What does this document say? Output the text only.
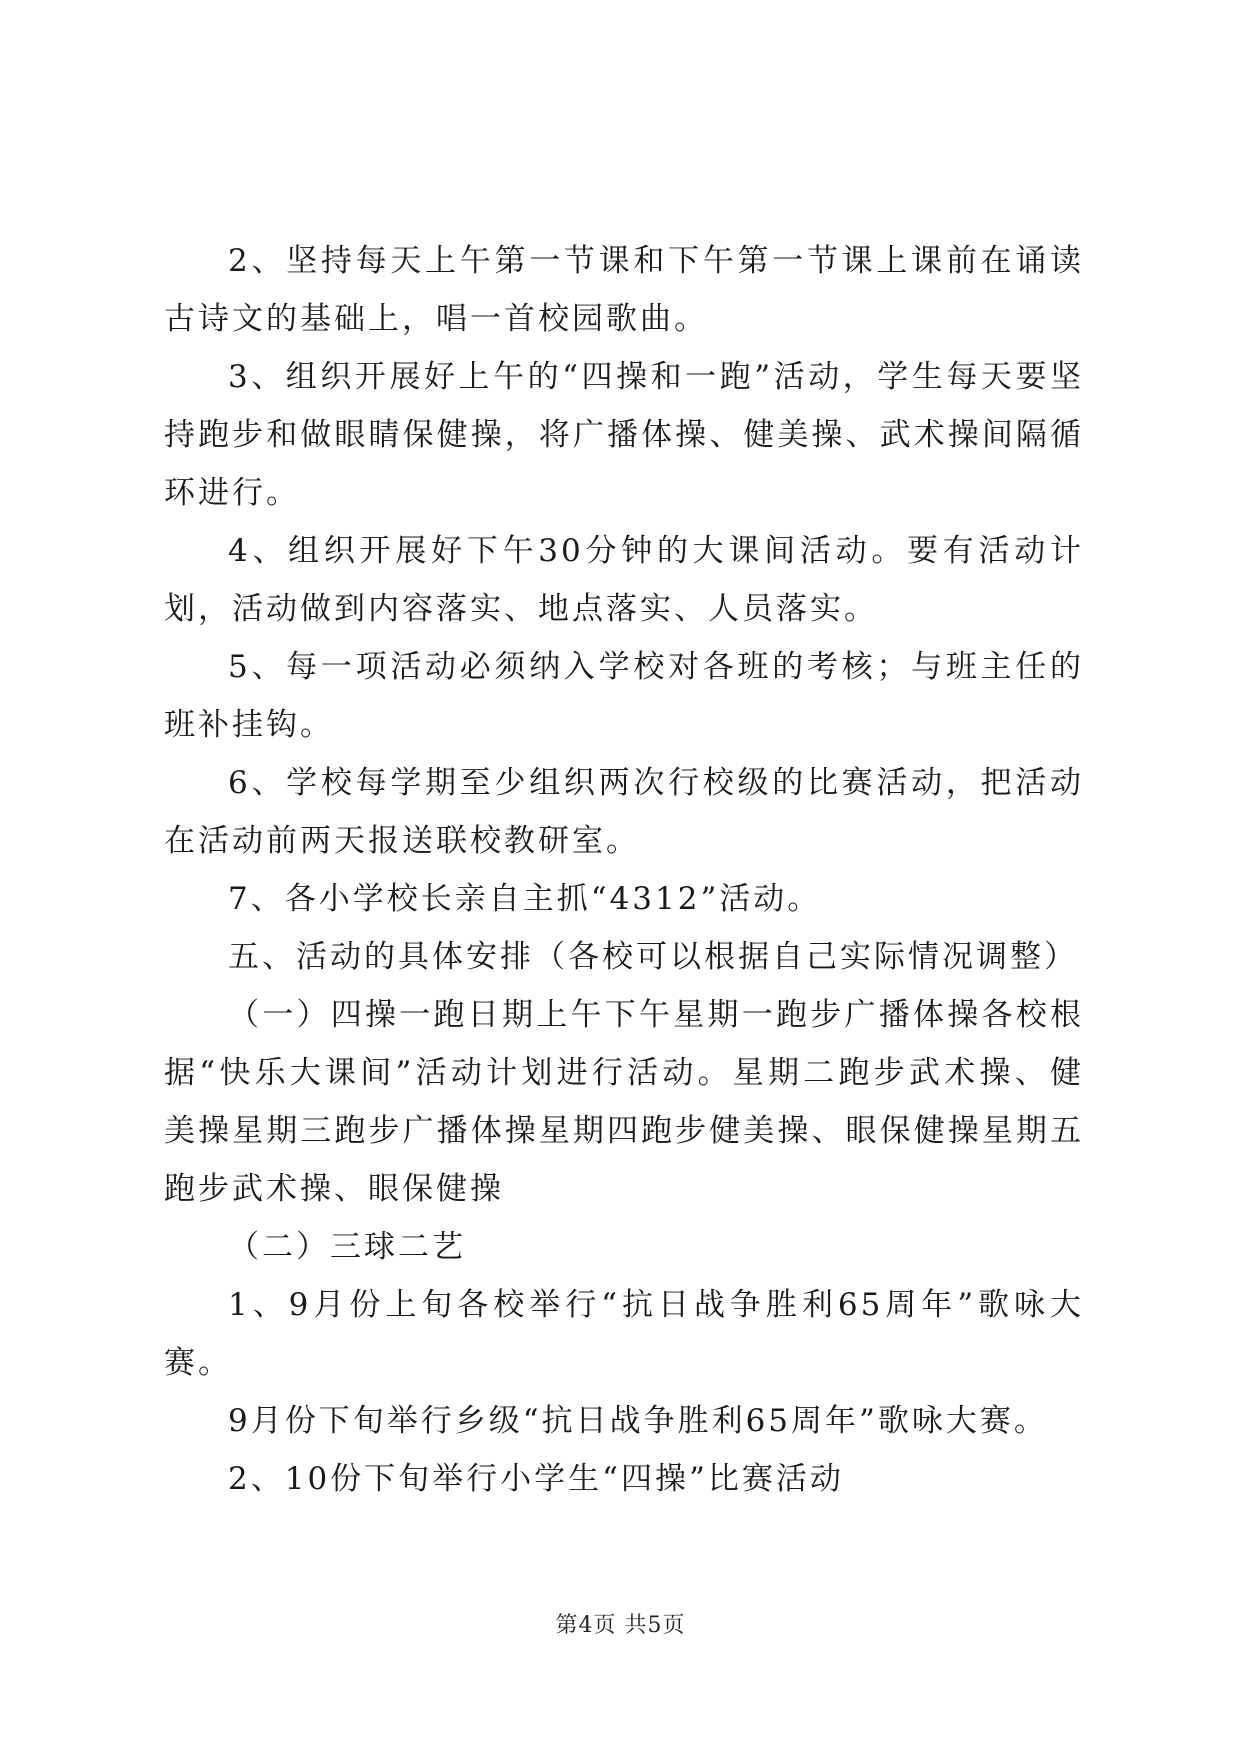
2、坚持每天上午第一节课和下午第一节课上课前在诵读古诗文的基础上，唱一首校园歌曲。

3、组织开展好上午的“四操和一跑”活动，学生每天要坚持跑步和做眼睛保健操，将广播体操、健美操、武术操间隔循环进行。

4、组织开展好下午30分钟的大课间活动。要有活动计划，活动做到内容落实、地点落实、人员落实。

5、每一项活动必须纳入学校对各班的考核；与班主任的班补挂钩。

6、学校每学期至少组织两次行校级的比赛活动，把活动在活动前两天报送联校教研室。

7、各小学校长亲自主抓“4312”活动。

五、活动的具体安排（各校可以根据自己实际情况调整）

（一）四操一跑日期上午下午星期一跑步广播体操各校根据“快乐大课间”活动计划进行活动。星期二跑步武术操、健美操星期三跑步广播体操星期四跑步健美操、眼保健操星期五跑步武术操、眼保健操

（二）三球二艺

1、9月份上旬各校举行“抗日战争胜利65周年”歌咏大赛。

9月份下旬举行乡级“抗日战争胜利65周年”歌咏大赛。

2、10份下旬举行小学生“四操”比赛活动

第4页 共5页
